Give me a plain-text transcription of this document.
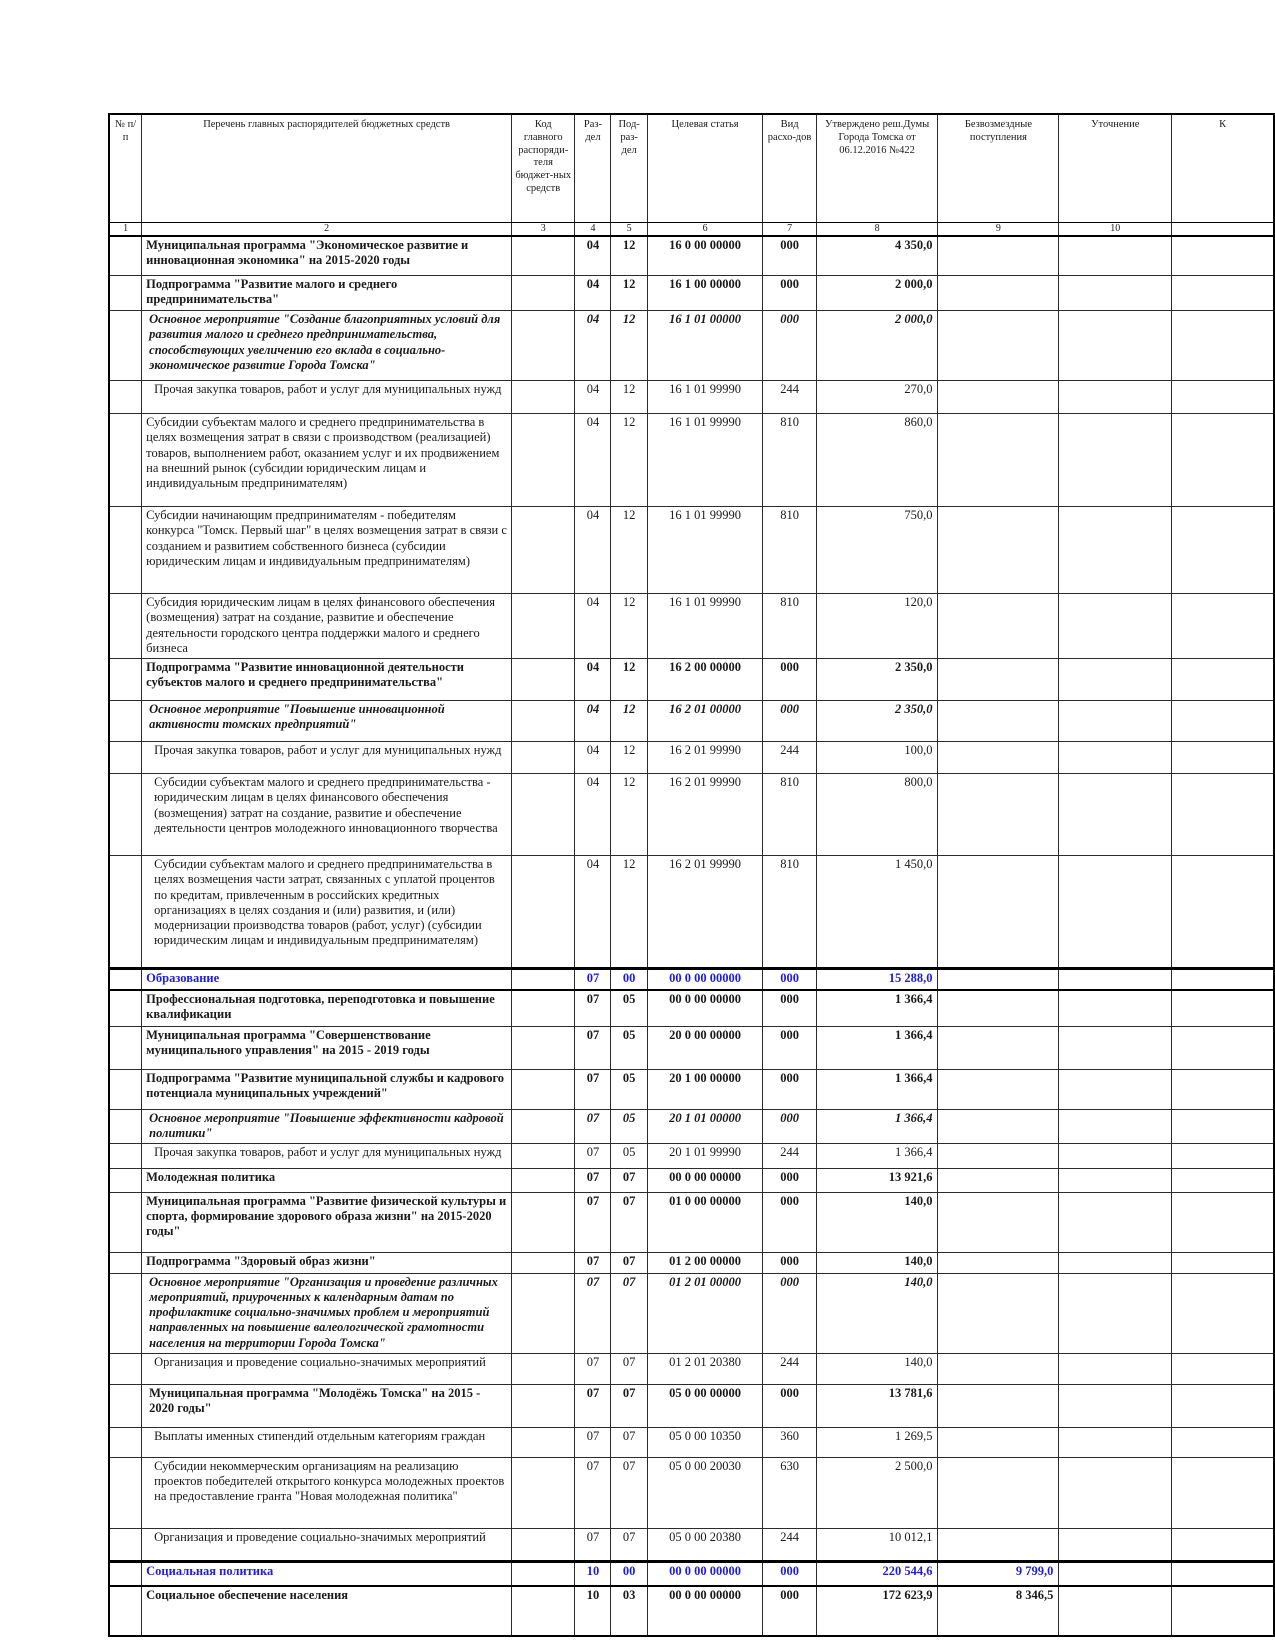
№ п/п	Перечень главных распорядителей бюджетных средств	Код главного распоряди-теля бюджет-ных средств	Раз-дел	Под-раз-дел	Целевая статья	Вид расхо-дов	Утверждено реш.Думы Города Томска от 06.12.2016 №422	Безвозмездные поступления	Уточнение	К
1	2	3	4	5	6	7	8	9	10	
	Муниципальная программа "Экономическое развитие и инновационная экономика" на 2015-2020 годы		04	12	16 0 00 00000	000	4 350,0			
	Подпрограмма "Развитие малого и среднего предпринимательства"		04	12	16 1 00 00000	000	2 000,0			
	Основное мероприятие "Создание благоприятных условий для развития малого и среднего предпринимательства, способствующих увеличению его вклада в социально-экономическое развитие Города Томска"		04	12	16 1 01 00000	000	2 000,0			
	Прочая закупка товаров, работ и услуг для муниципальных нужд		04	12	16 1 01 99990	244	270,0			
	Субсидии субъектам малого и среднего предпринимательства в целях возмещения затрат в связи с производством (реализацией) товаров, выполнением работ, оказанием услуг и их продвижением на внешний рынок (субсидии юридическим лицам и индивидуальным предпринимателям)		04	12	16 1 01 99990	810	860,0			
	Субсидии начинающим предпринимателям - победителям конкурса "Томск. Первый шаг" в целях возмещения затрат в связи с созданием и развитием собственного бизнеса (субсидии юридическим лицам и индивидуальным предпринимателям)		04	12	16 1 01 99990	810	750,0			
	Субсидия юридическим лицам в целях финансового обеспечения (возмещения) затрат на создание, развитие и обеспечение деятельности городского центра поддержки малого и среднего бизнеса		04	12	16 1 01 99990	810	120,0			
	Подпрограмма "Развитие инновационной деятельности субъектов малого и среднего предпринимательства"		04	12	16 2 00 00000	000	2 350,0			
	Основное мероприятие "Повышение инновационной активности томских предприятий"		04	12	16 2 01 00000	000	2 350,0			
	Прочая закупка товаров, работ и услуг для муниципальных нужд		04	12	16 2 01 99990	244	100,0			
	Субсидии субъектам малого и среднего предпринимательства - юридическим лицам в целях финансового обеспечения (возмещения) затрат на создание, развитие и обеспечение деятельности центров молодежного инновационного творчества		04	12	16 2 01 99990	810	800,0			
	Субсидии субъектам малого и среднего предпринимательства в целях возмещения части затрат, связанных с уплатой процентов по кредитам, привлеченным в российских кредитных организациях в целях создания и (или) развития, и (или) модернизации производства товаров (работ, услуг) (субсидии юридическим лицам и индивидуальным предпринимателям)		04	12	16 2 01 99990	810	1 450,0			
	Образование		07	00	00 0 00 00000	000	15 288,0			
	Профессиональная подготовка, переподготовка и повышение квалификации		07	05	00 0 00 00000	000	1 366,4			
	Муниципальная программа "Совершенствование муниципального управления" на 2015 - 2019 годы		07	05	20 0 00 00000	000	1 366,4			
	Подпрограмма "Развитие муниципальной службы и кадрового потенциала муниципальных учреждений"		07	05	20 1 00 00000	000	1 366,4			
	Основное мероприятие "Повышение эффективности кадровой политики"		07	05	20 1 01 00000	000	1 366,4			
	Прочая закупка товаров, работ и услуг для муниципальных нужд		07	05	20 1 01 99990	244	1 366,4			
	Молодежная политика		07	07	00 0 00 00000	000	13 921,6			
	Муниципальная программа "Развитие физической культуры и спорта, формирование здорового образа жизни" на 2015-2020 годы"		07	07	01 0 00 00000	000	140,0			
	Подпрограмма "Здоровый образ жизни"		07	07	01 2 00 00000	000	140,0			
	Основное мероприятие "Организация и проведение различных мероприятий, приуроченных к календарным датам по профилактике социально-значимых проблем и мероприятий направленных на повышение валеологической грамотности населения на территории Города Томска"		07	07	01 2 01 00000	000	140,0			
	Организация и проведение социально-значимых мероприятий		07	07	01 2 01 20380	244	140,0			
	Муниципальная программа "Молодёжь Томска" на 2015 - 2020 годы"		07	07	05 0 00 00000	000	13 781,6			
	Выплаты именных стипендий отдельным категориям граждан		07	07	05 0 00 10350	360	1 269,5			
	Субсидии некоммерческим организациям на реализацию проектов победителей открытого конкурса молодежных проектов на предоставление гранта "Новая молодежная политика"		07	07	05 0 00 20030	630	2 500,0			
	Организация и проведение социально-значимых мероприятий		07	07	05 0 00 20380	244	10 012,1			
	Социальная политика		10	00	00 0 00 00000	000	220 544,6	9 799,0		
	Социальное обеспечение населения		10	03	00 0 00 00000	000	172 623,9	8 346,5		
